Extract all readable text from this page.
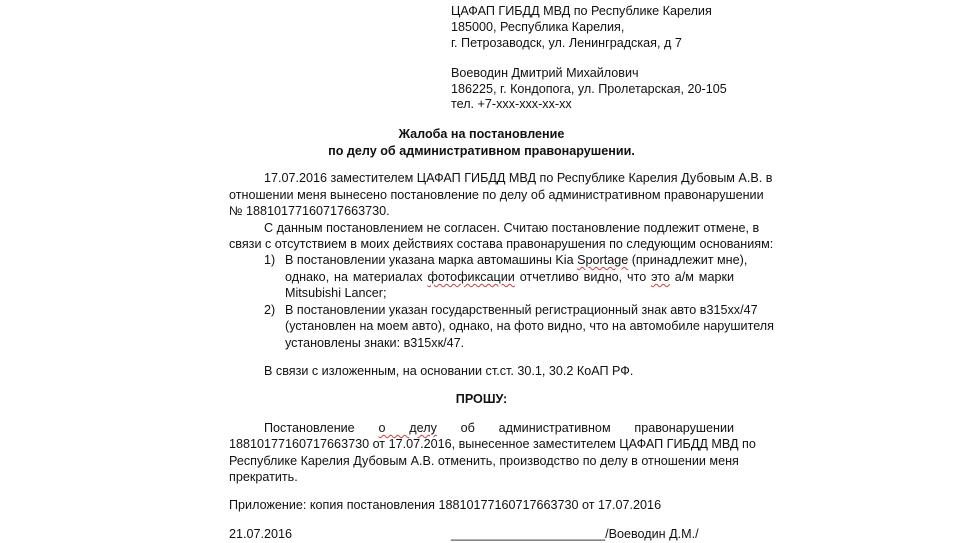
ЦАФАП ГИБДД МВД по Республике Карелия
185000, Республика Карелия,
г. Петрозаводск, ул. Ленинградская, д 7
Воеводин Дмитрий Михайлович
186225, г. Кондопога, ул. Пролетарская, 20-105
тел. +7-xxx-xxx-xx-xx
Жалоба на постановление
по делу об административном правонарушении.
17.07.2016 заместителем ЦАФАП ГИБДД МВД по Республике Карелия Дубовым А.В. в
отношении меня вынесено постановление по делу об административном правонарушении
№ 18810177160717663730.
С данным постановлением не согласен. Считаю постановление подлежит отмене, в
связи с отсутствием в моих действиях состава правонарушения по следующим основаниям:
1) В постановлении указана марка автомашины Kia Sportage (принадлежит мне),
однако, на материалах фотофиксации отчетливо видно, что это а/м марки
Mitsubishi Lancer;
2) В постановлении указан государственный регистрационный знак авто в315хх/47
(установлен на моем авто), однако, на фото видно, что на автомобиле нарушителя
установлены знаки: в315хк/47.
В связи с изложенным, на основании ст.ст. 30.1, 30.2 КоАП РФ.
ПРОШУ:
Постановление о делу об административном правонарушении
18810177160717663730 от 17.07.2016, вынесенное заместителем ЦАФАП ГИБДД МВД по
Республике Карелия Дубовым А.В. отменить, производство по делу в отношении меня
прекратить.
Приложение: копия постановления 18810177160717663730 от 17.07.2016
21.07.2016	______________________/Воеводин Д.М./
